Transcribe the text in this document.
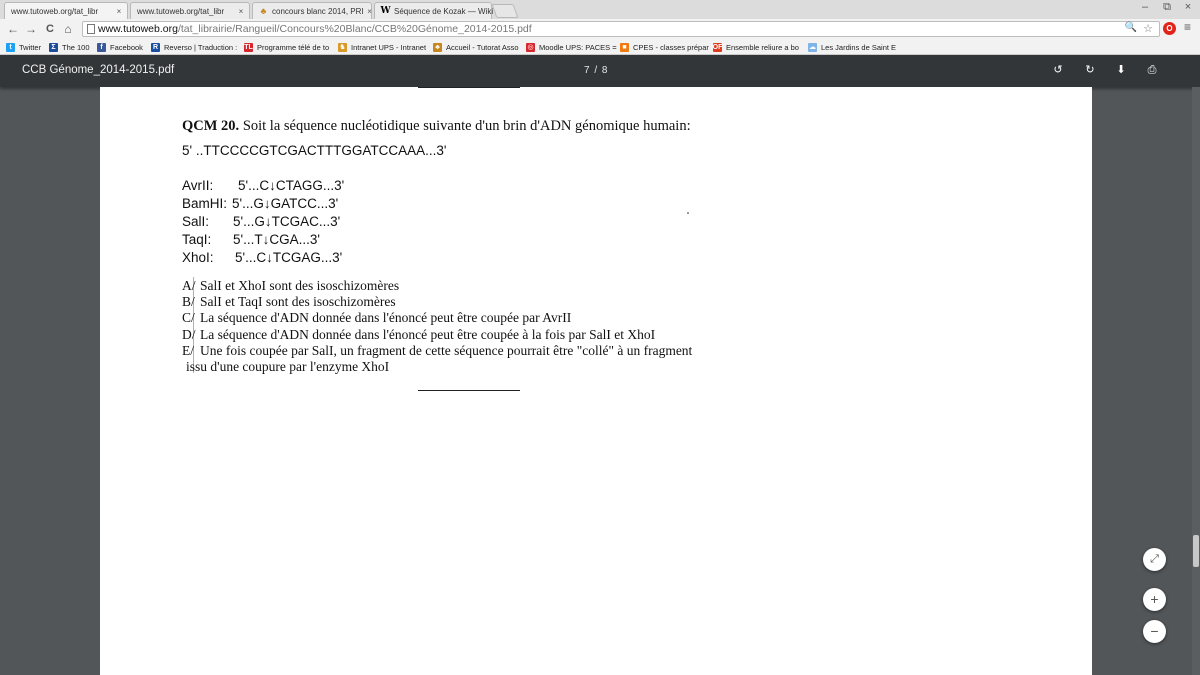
www.tutoweb.org/tat_libr	× www.tutoweb.org/tat_libr	× ♣ concours blanc 2014, PRI × W Séquence de Kozak — Wiki	–	⧉	×
← → C ⌂	www.tutoweb.org/tat_librairie/Rangueil/Concours%20Blanc/CCB%20Génome_2014-2015.pdf	🔍 ☆	O ≡
t Twitter	Σ The 100	f Facebook R Reverso | Traduction : TL Programme télé de to ♞ Intranet UPS - Intranet	♣ Accueil - Tutorat Asso ◎ Moodle UPS: PACES = ■ CPES - classes prépar OF Ensemble reliure a bo ☁ Les Jardins de Saint E
CCB Génome_2014-2015.pdf	7 / 8	↺ ↻ ⬇ ⎙
QCM 20. Soit la séquence nucléotidique suivante d'un brin d'ADN génomique humain:
5' ..TTCCCCGTCGACTTTGGATCCAAA...3'
AvrII: 5'...C↓CTAGG...3'
BamHI: 5'...G↓GATCC...3'
SalI: 5'...G↓TCGAC...3'
TaqI: 5'...T↓CGA...3'
XhoI: 5'...C↓TCGAG...3'
A/ SalI et XhoI sont des isoschizomères
B/ SalI et TaqI sont des isoschizomères
C/ La séquence d'ADN donnée dans l'énoncé peut être coupée par AvrII
D/ La séquence d'ADN donnée dans l'énoncé peut être coupée à la fois par SalI et XhoI
E/ Une fois coupée par SalI, un fragment de cette séquence pourrait être "collé" à un fragment
issu d'une coupure par l'enzyme XhoI
⤢
+
−
